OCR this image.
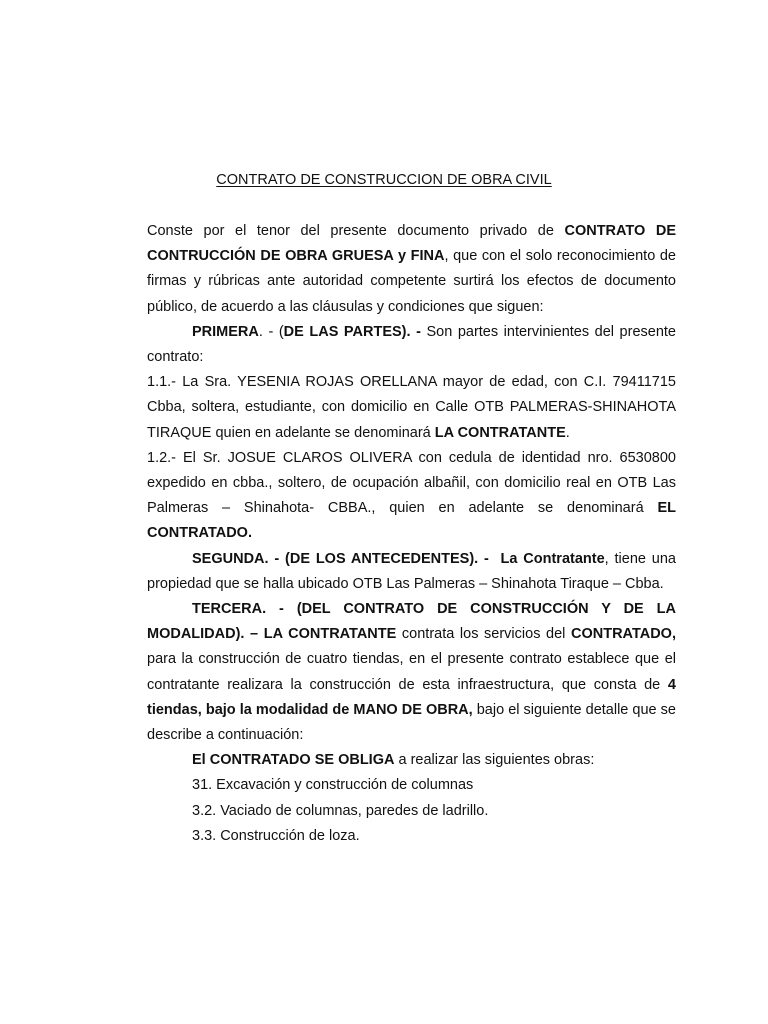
CONTRATO DE CONSTRUCCION DE OBRA CIVIL

Conste por el tenor del presente documento privado de CONTRATO DE CONTRUCCIÓN DE OBRA GRUESA y FINA, que con el solo reconocimiento de firmas y rúbricas ante autoridad competente surtirá los efectos de documento público, de acuerdo a las cláusulas y condiciones que siguen:

PRIMERA. - (DE LAS PARTES). - Son partes intervinientes del presente contrato:

1.1.- La Sra. YESENIA ROJAS ORELLANA mayor de edad, con C.I. 79411715 Cbba, soltera, estudiante, con domicilio en Calle OTB PALMERAS-SHINAHOTA TIRAQUE quien en adelante se denominará LA CONTRATANTE.

1.2.- El Sr. JOSUE CLAROS OLIVERA con cedula de identidad nro. 6530800 expedido en cbba., soltero, de ocupación albañil, con domicilio real en OTB Las Palmeras – Shinahota- CBBA., quien en adelante se denominará EL CONTRATADO.

SEGUNDA. - (DE LOS ANTECEDENTES). - La Contratante, tiene una propiedad que se halla ubicado OTB Las Palmeras – Shinahota Tiraque – Cbba.

TERCERA. - (DEL CONTRATO DE CONSTRUCCIÓN Y DE LA MODALIDAD). – LA CONTRATANTE contrata los servicios del CONTRATADO, para la construcción de cuatro tiendas, en el presente contrato establece que el contratante realizara la construcción de esta infraestructura, que consta de 4 tiendas, bajo la modalidad de MANO DE OBRA, bajo el siguiente detalle que se describe a continuación:

El CONTRATADO SE OBLIGA a realizar las siguientes obras:

31. Excavación y construcción de columnas

3.2. Vaciado de columnas, paredes de ladrillo.

3.3. Construcción de loza.
